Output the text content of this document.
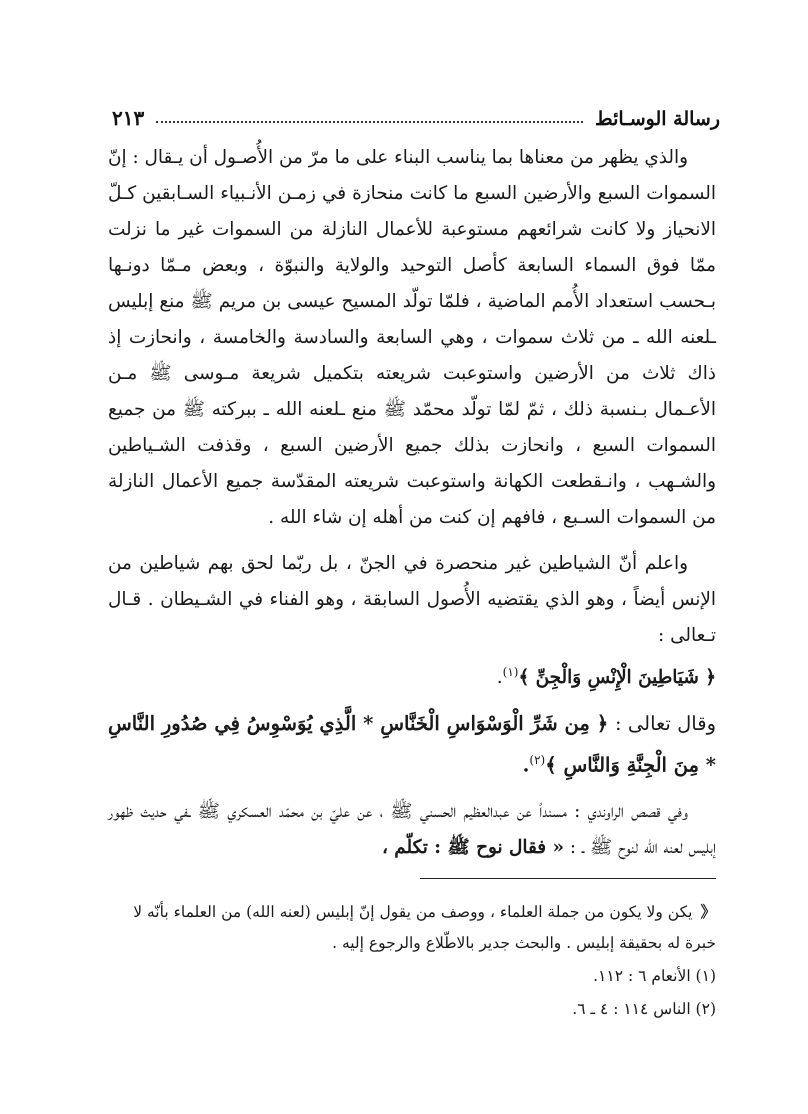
رسالة الوسـائط
٢١٣

والذي يظهر من معناها بما يناسب البناء على ما مرّ من الأُصـول أن يـقال : إنّ السموات السبع والأرضين السبع ما كانت منحازة في زمـن الأنـبياء السـابقين كـلّ الانحياز ولا كانت شرائعهم مستوعبة للأعمال النازلة من السموات غير ما نزلت ممّا فوق السماء السابعة كأصل التوحيد والولاية والنبوّة ، وبعض مـمّا دونـها بـحسب استعداد الأُمم الماضية ، فلمّا تولّد المسيح عيسى بن مريم ﷺ منع إبليس ـلعنه الله ـ من ثلاث سموات ، وهي السابعة والسادسة والخامسة ، وانحازت إذ ذاك ثلاث من الأرضين واستوعبت شريعته بتكميل شريعة مـوسى ﷺ مـن الأعـمال بـنسبة ذلك ، ثمّ لمّا تولّد محمّد ﷺ منع ـلعنه الله ـ ببركته ﷺ من جميع السموات السبع ، وانحازت بذلك جميع الأرضين السبع ، وقذفت الشـياطين والشـهب ، وانـقطعت الكهانة واستوعبت شريعته المقدّسة جميع الأعمال النازلة من السموات السـبع ، فافهم إن كنت من أهله إن شاء الله .

واعلم أنّ الشياطين غير منحصرة في الجنّ ، بل ربّما لحق بهم شياطين من الإنس أيضاً ، وهو الذي يقتضيه الأُصول السابقة ، وهو الفناء في الشـيطان . قـال تـعالى :
﴿ شَيَاطِينَ الْإِنْسِ وَالْجِنِّ ﴾$^{(١)}$.

وقال تعالى : ﴿ مِن شَرِّ الْوَسْوَاسِ الْخَنَّاسِ * الَّذِي يُوَسْوِسُ فِي صُدُورِ النَّاسِ * مِنَ الْجِنَّةِ وَالنَّاسِ ﴾$^{(٢)}$.

وفي قصص الراوندي : مسنداً عن عبدالعظيم الحسني ﷺ ، عن عليّ بن محمّد العسكري ﷺ ـفي حديث ظهور إبليس لعنه الله لنوح ﷺ ـ : « فقال نوح ﷺ : تكلّم ،

《يكن ولا يكون من جملة العلماء ، ووصف من يقول إنّ إبليس (لعنه الله) من العلماء بأنّه لا خبرة له بحقيقة إبليس . والبحث جدير بالاطّلاع والرجوع إليه .

(١) الأنعام ٦ : ١١٢.

(٢) الناس ١١٤ : ٤ ـ ٦.
